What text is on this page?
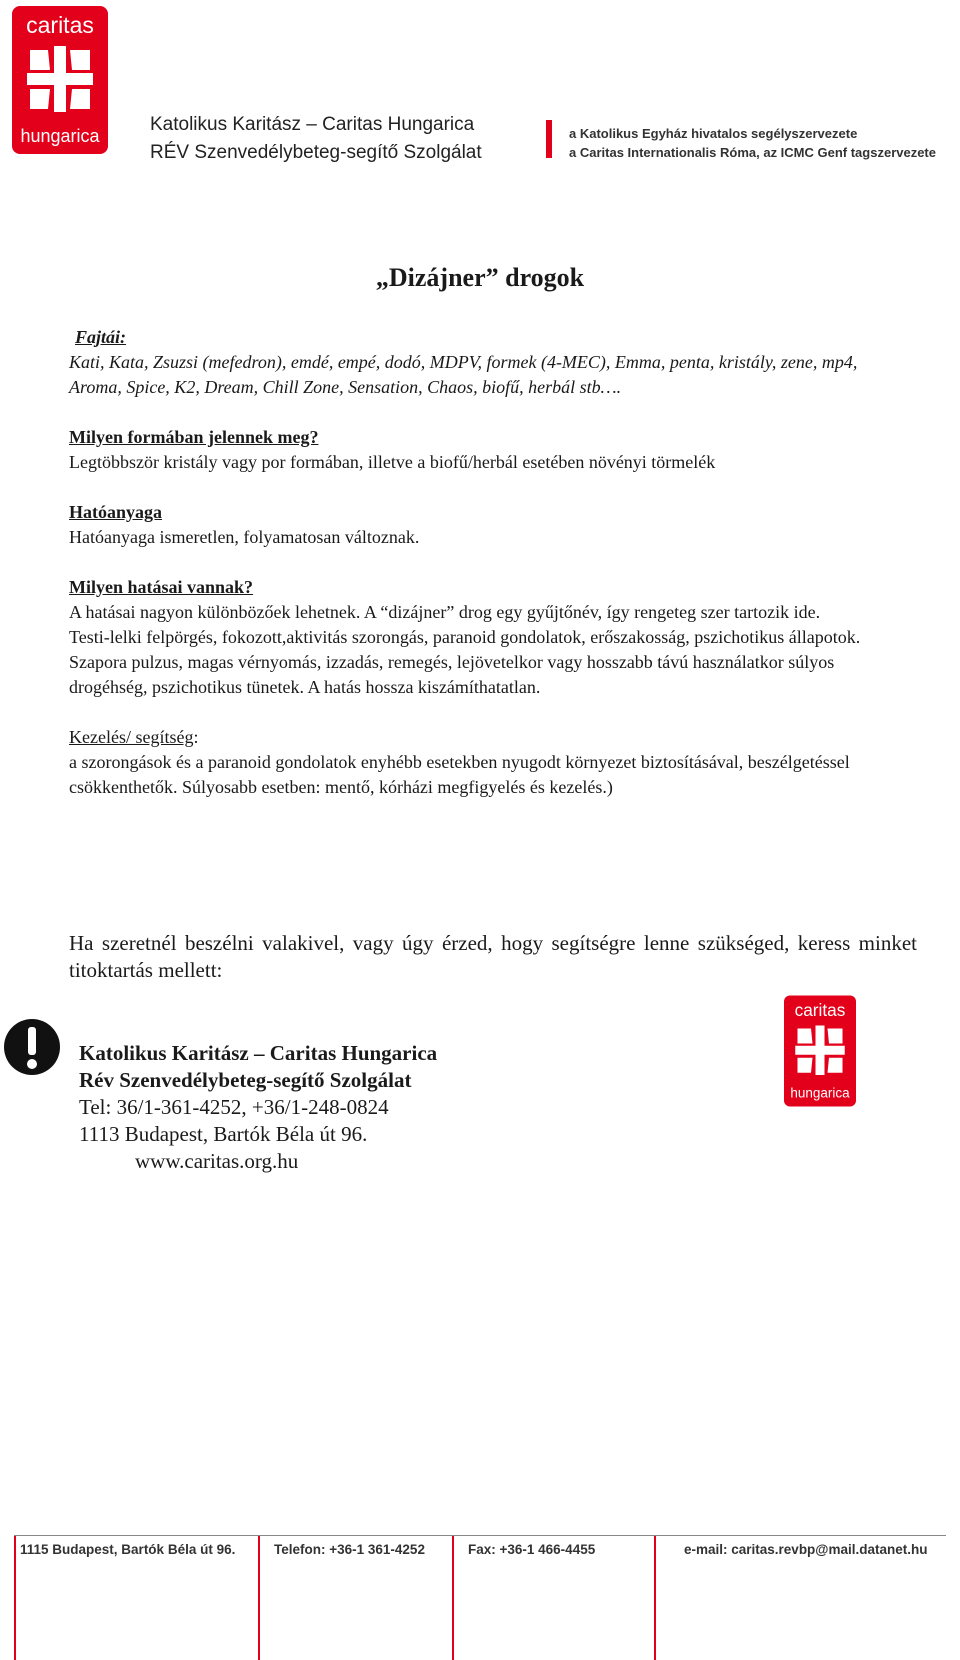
caritas
hungarica
Katolikus Karitász – Caritas Hungarica
RÉV Szenvedélybeteg-segítő Szolgálat
a Katolikus Egyház hivatalos segélyszervezete
a Caritas Internationalis Róma, az ICMC Genf tagszervezete
„Dizájner” drogok

Fajtái:

Kati, Kata, Zsuzsi (mefedron), emdé, empé, dodó, MDPV, formek (4-MEC), Emma, penta, kristály, zene, mp4, Aroma, Spice, K2, Dream, Chill Zone, Sensation, Chaos, biofű, herbál stb….

Milyen formában jelennek meg?

Legtöbbször kristály vagy por formában, illetve a biofű/herbál esetében növényi törmelék

Hatóanyaga

Hatóanyaga ismeretlen, folyamatosan változnak.

Milyen hatásai vannak?

A hatásai nagyon különbözőek lehetnek. A “dizájner” drog egy gyűjtőnév, így rengeteg szer tartozik ide.

Testi-lelki felpörgés, fokozott,aktivitás szorongás, paranoid gondolatok, erőszakosság, pszichotikus állapotok. Szapora pulzus, magas vérnyomás, izzadás, remegés, lejövetelkor vagy hosszabb távú használatkor súlyos drogéhség, pszichotikus tünetek. A hatás hossza kiszámíthatatlan.

Kezelés/ segítség:

a szorongások és a paranoid gondolatok enyhébb esetekben nyugodt környezet biztosításával, beszélgetéssel csökkenthetők. Súlyosabb esetben: mentő, kórházi megfigyelés és kezelés.)

Ha szeretnél beszélni valakivel, vagy úgy érzed, hogy segítségre lenne szükséged, keress minket titoktartás mellett:
caritas
hungarica
Katolikus Karitász – Caritas Hungarica
Rév Szenvedélybeteg-segítő Szolgálat
Tel: 36/1-361-4252, +36/1-248-0824
1113 Budapest, Bartók Béla út 96.
www.caritas.org.hu
1115 Budapest, Bartók Béla út 96.	Telefon: +36-1 361-4252	Fax: +36-1 466-4455	e-mail: caritas.revbp@mail.datanet.hu
